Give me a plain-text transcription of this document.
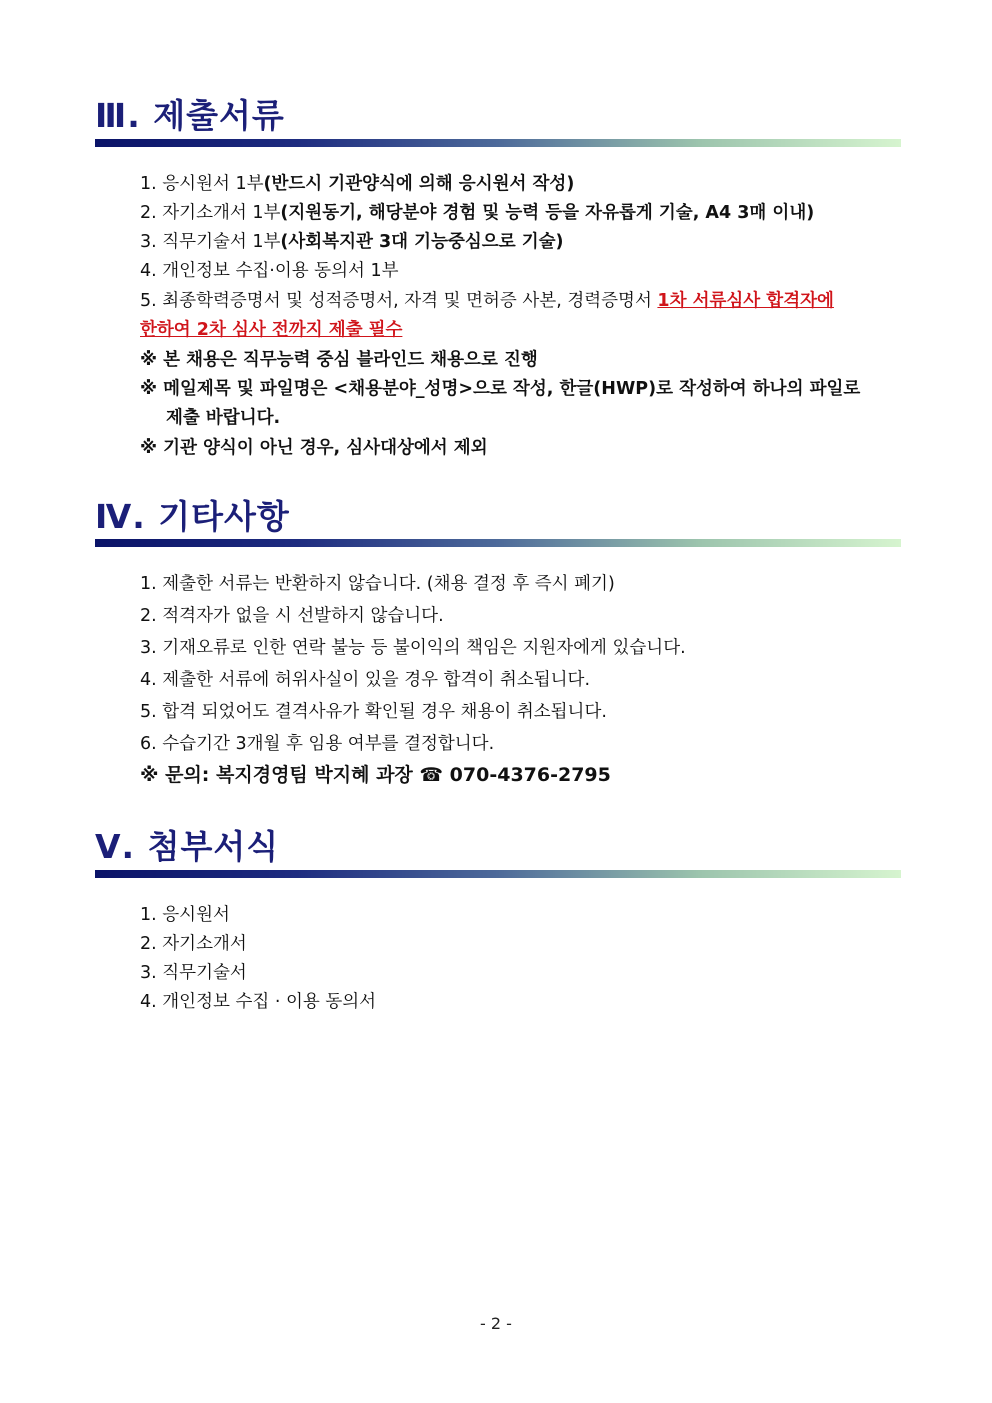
Ⅲ. 제출서류
1. 응시원서 1부(반드시 기관양식에 의해 응시원서 작성)
2. 자기소개서 1부(지원동기, 해당분야 경험 및 능력 등을 자유롭게 기술, A4 3매 이내)
3. 직무기술서 1부(사회복지관 3대 기능중심으로 기술)
4. 개인정보 수집·이용 동의서 1부
5. 최종학력증명서 및 성적증명서, 자격 및 면허증 사본, 경력증명서 1차 서류심사 합격자에
한하여 2차 심사 전까지 제출 필수
※ 본 채용은 직무능력 중심 블라인드 채용으로 진행
※ 메일제목 및 파일명은 <채용분야_성명>으로 작성, 한글(HWP)로 작성하여 하나의 파일로
제출 바랍니다.
※ 기관 양식이 아닌 경우, 심사대상에서 제외
Ⅳ. 기타사항
1. 제출한 서류는 반환하지 않습니다. (채용 결정 후 즉시 폐기)
2. 적격자가 없을 시 선발하지 않습니다.
3. 기재오류로 인한 연락 불능 등 불이익의 책임은 지원자에게 있습니다.
4. 제출한 서류에 허위사실이 있을 경우 합격이 취소됩니다.
5. 합격 되었어도 결격사유가 확인될 경우 채용이 취소됩니다.
6. 수습기간 3개월 후 임용 여부를 결정합니다.
※ 문의: 복지경영팀 박지혜 과장 ☎ 070-4376-2795
Ⅴ. 첨부서식
1. 응시원서
2. 자기소개서
3. 직무기술서
4. 개인정보 수집 · 이용 동의서
- 2 -
